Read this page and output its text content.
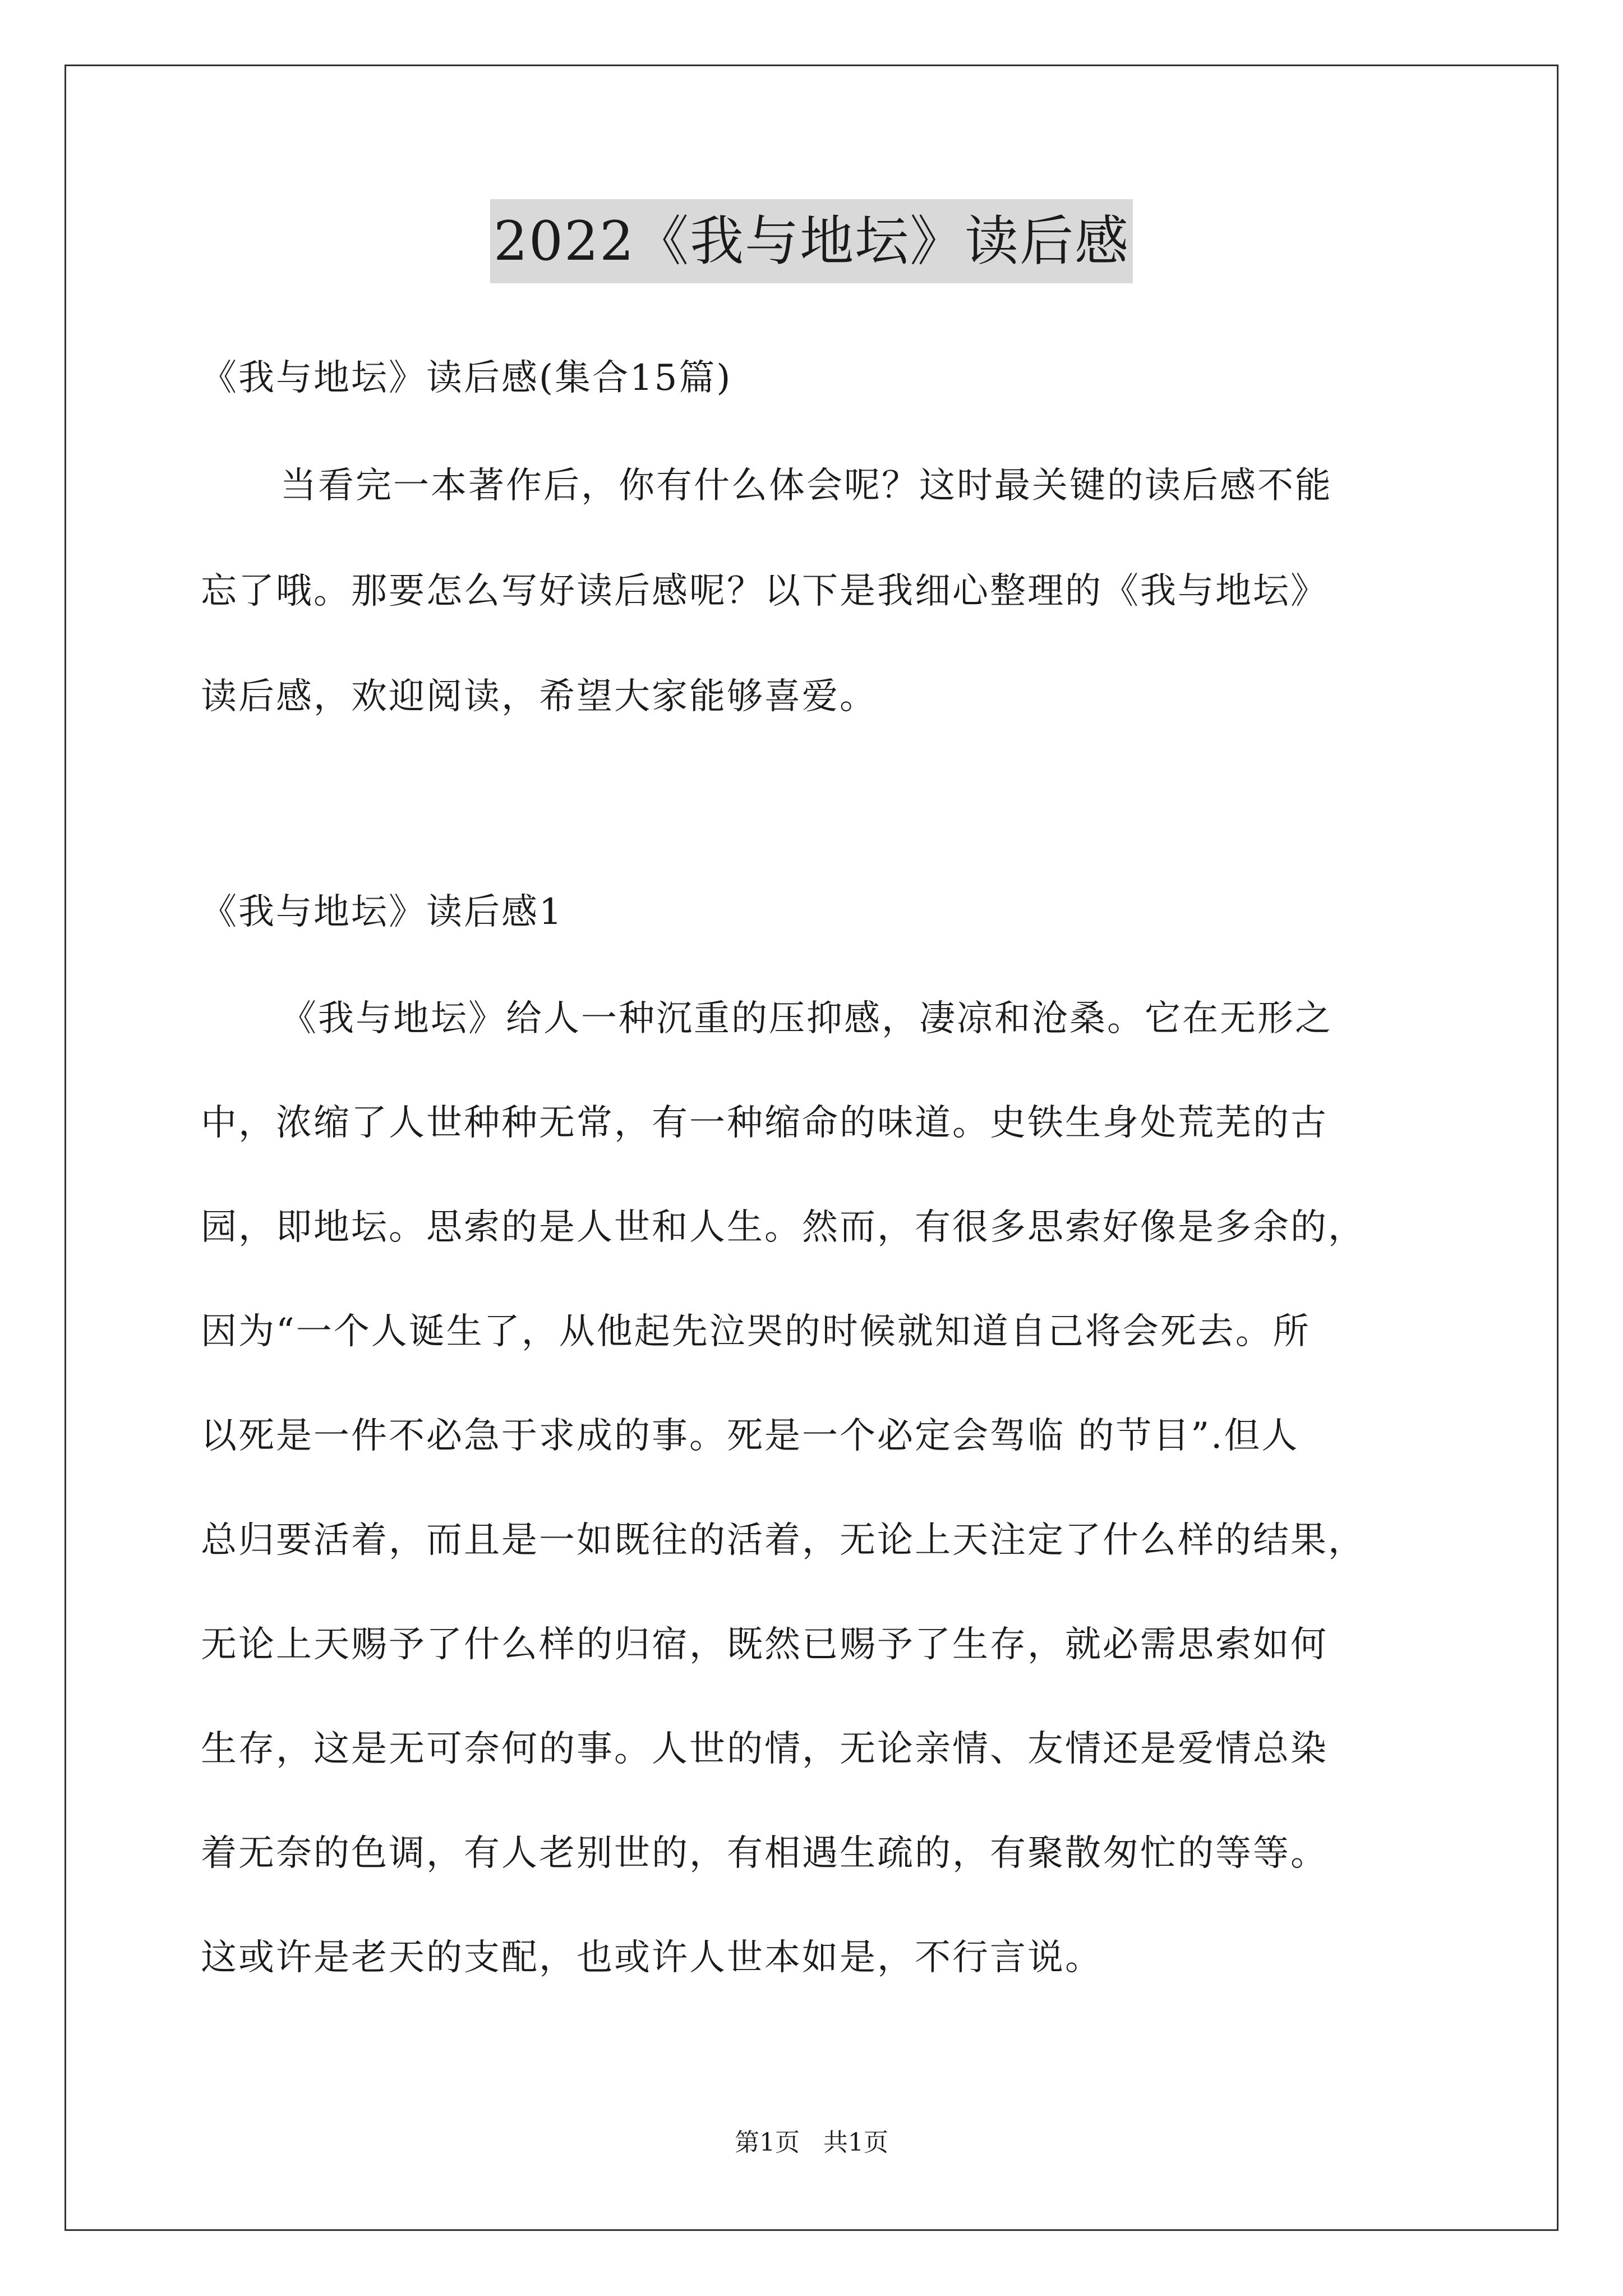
2022《我与地坛》读后感
《我与地坛》读后感(集合15篇)
当看完一本著作后，你有什么体会呢？这时最关键的读后感不能
忘了哦。那要怎么写好读后感呢？以下是我细心整理的《我与地坛》
读后感，欢迎阅读，希望大家能够喜爱。
《我与地坛》读后感1
《我与地坛》给人一种沉重的压抑感，凄凉和沧桑。它在无形之
中，浓缩了人世种种无常，有一种缩命的味道。史铁生身处荒芜的古
园，即地坛。思索的是人世和人生。然而，有很多思索好像是多余的，
因为“一个人诞生了，从他起先泣哭的时候就知道自己将会死去。所
以死是一件不必急于求成的事。死是一个必定会驾临 的节目”.但人
总归要活着，而且是一如既往的活着，无论上天注定了什么样的结果，
无论上天赐予了什么样的归宿，既然已赐予了生存，就必需思索如何
生存，这是无可奈何的事。人世的情，无论亲情、友情还是爱情总染
着无奈的色调，有人老别世的，有相遇生疏的，有聚散匆忙的等等。
这或许是老天的支配，也或许人世本如是，不行言说。
第1页   共1页
